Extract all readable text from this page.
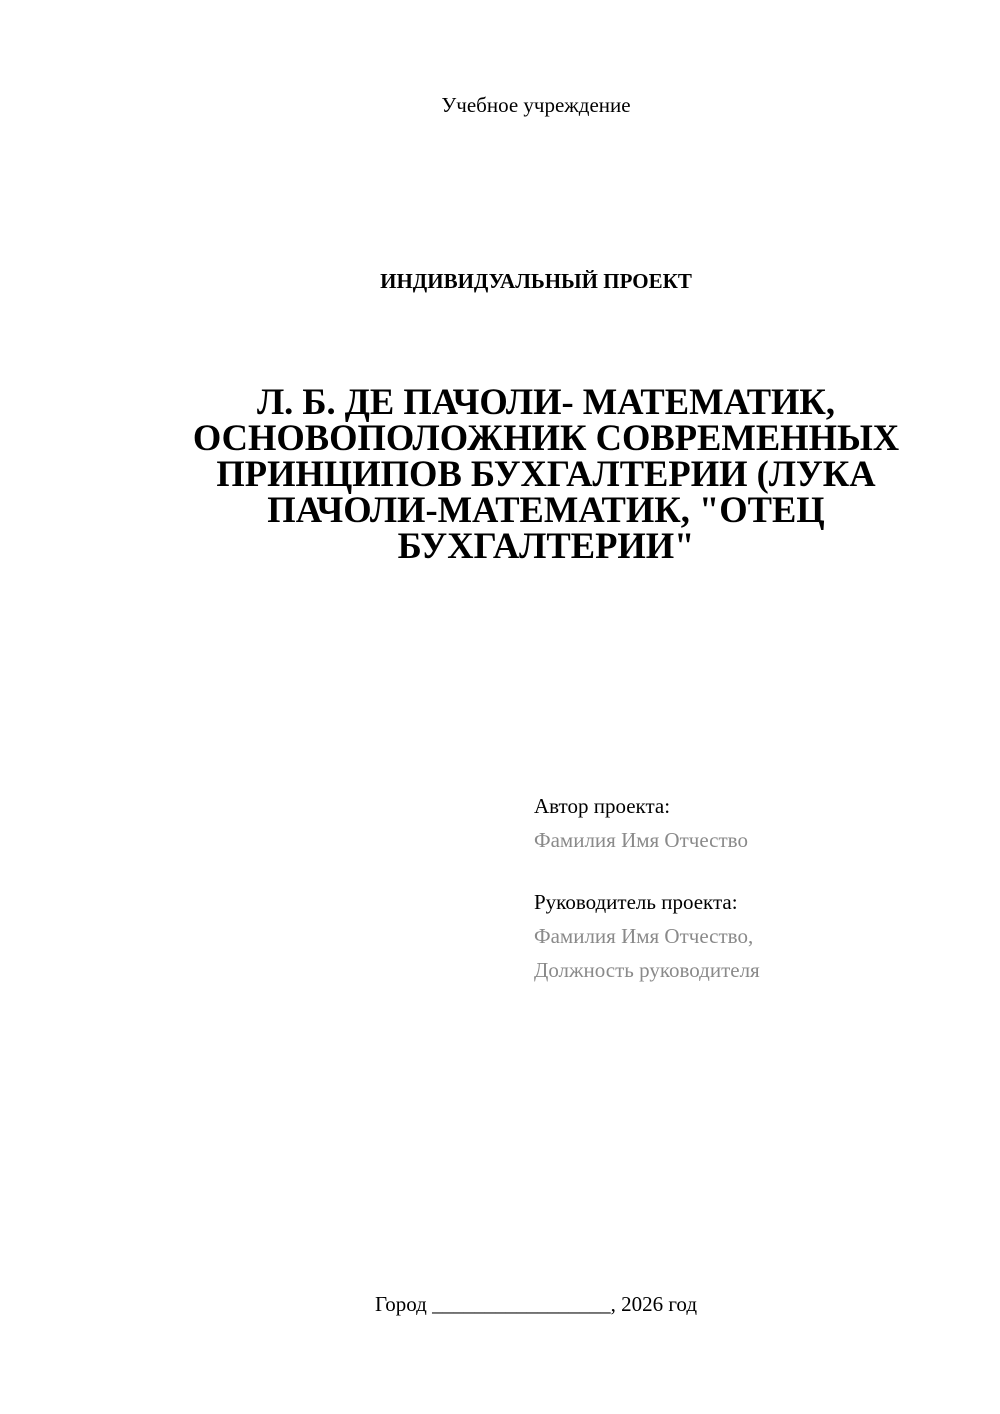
Учебное учреждение
ИНДИВИДУАЛЬНЫЙ ПРОЕКТ
Л. Б. ДЕ ПАЧОЛИ- МАТЕМАТИК,
ОСНОВОПОЛОЖНИК СОВРЕМЕННЫХ
ПРИНЦИПОВ БУХГАЛТЕРИИ (ЛУКА
ПАЧОЛИ-МАТЕМАТИК, "ОТЕЦ
БУХГАЛТЕРИИ"
Автор проекта:
Фамилия Имя Отчество
Руководитель проекта:
Фамилия Имя Отчество,
Должность руководителя
Город _________________, 2026 год
